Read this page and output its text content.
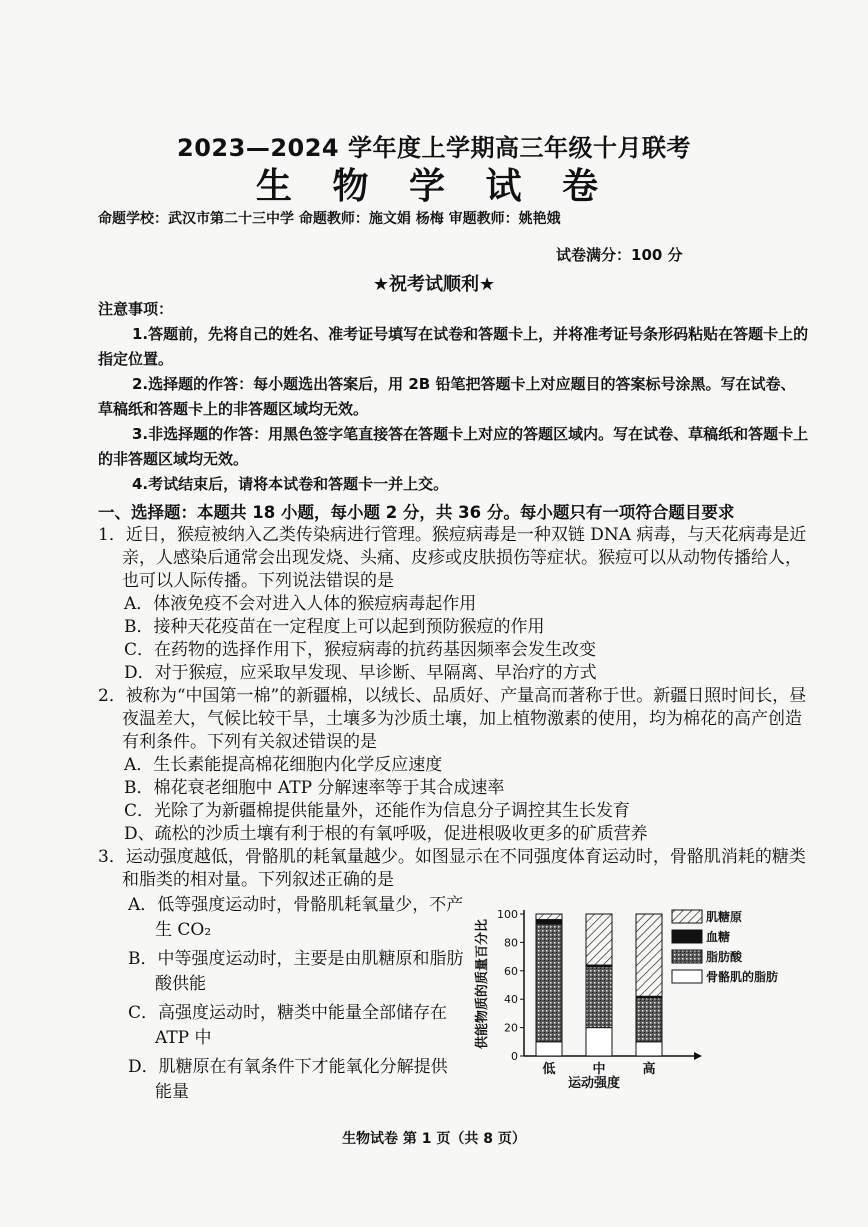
2023—2024 学年度上学期高三年级十月联考
生 物 学 试 卷
命题学校：武汉市第二十三中学 命题教师：施文娟 杨梅 审题教师：姚艳娥
试卷满分：100 分
★祝考试顺利★
注意事项：

1.答题前，先将自己的姓名、准考证号填写在试卷和答题卡上，并将准考证号条形码粘贴在答题卡上的指定位置。

2.选择题的作答：每小题选出答案后，用 2B 铅笔把答题卡上对应题目的答案标号涂黑。写在试卷、草稿纸和答题卡上的非答题区域均无效。

3.非选择题的作答：用黑色签字笔直接答在答题卡上对应的答题区域内。写在试卷、草稿纸和答题卡上的非答题区域均无效。

4.考试结束后，请将本试卷和答题卡一并上交。

一、选择题：本题共 18 小题，每小题 2 分，共 36 分。每小题只有一项符合题目要求

1．近日，猴痘被纳入乙类传染病进行管理。猴痘病毒是一种双链 DNA 病毒，与天花病毒是近亲，人感染后通常会出现发烧、头痛、皮疹或皮肤损伤等症状。猴痘可以从动物传播给人，也可以人际传播。下列说法错误的是

A．体液免疫不会对进入人体的猴痘病毒起作用

B．接种天花疫苗在一定程度上可以起到预防猴痘的作用

C．在药物的选择作用下，猴痘病毒的抗药基因频率会发生改变

D．对于猴痘，应采取早发现、早诊断、早隔离、早治疗的方式

2．被称为“中国第一棉”的新疆棉，以绒长、品质好、产量高而著称于世。新疆日照时间长，昼夜温差大，气候比较干旱，土壤多为沙质土壤，加上植物激素的使用，均为棉花的高产创造有利条件。下列有关叙述错误的是

A．生长素能提高棉花细胞内化学反应速度

B．棉花衰老细胞中 ATP 分解速率等于其合成速率

C．光除了为新疆棉提供能量外，还能作为信息分子调控其生长发育

D、疏松的沙质土壤有利于根的有氧呼吸，促进根吸收更多的矿质营养

3．运动强度越低，骨骼肌的耗氧量越少。如图显示在不同强度体育运动时，骨骼肌消耗的糖类和脂类的相对量。下列叙述正确的是

A．低等强度运动时，骨骼肌耗氧量少，不产生 CO₂

B．中等强度运动时，主要是由肌糖原和脂肪酸供能

C．高强度运动时，糖类中能量全部储存在 ATP 中

D．肌糖原在有氧条件下才能氧化分解提供能量

供能物质的质量百分比
0
20
40
60
80
100
低	中	高
肌糖原
血糖
脂肪酸
骨骼肌的脂肪
运动强度
生物试卷 第 1 页（共 8 页）
